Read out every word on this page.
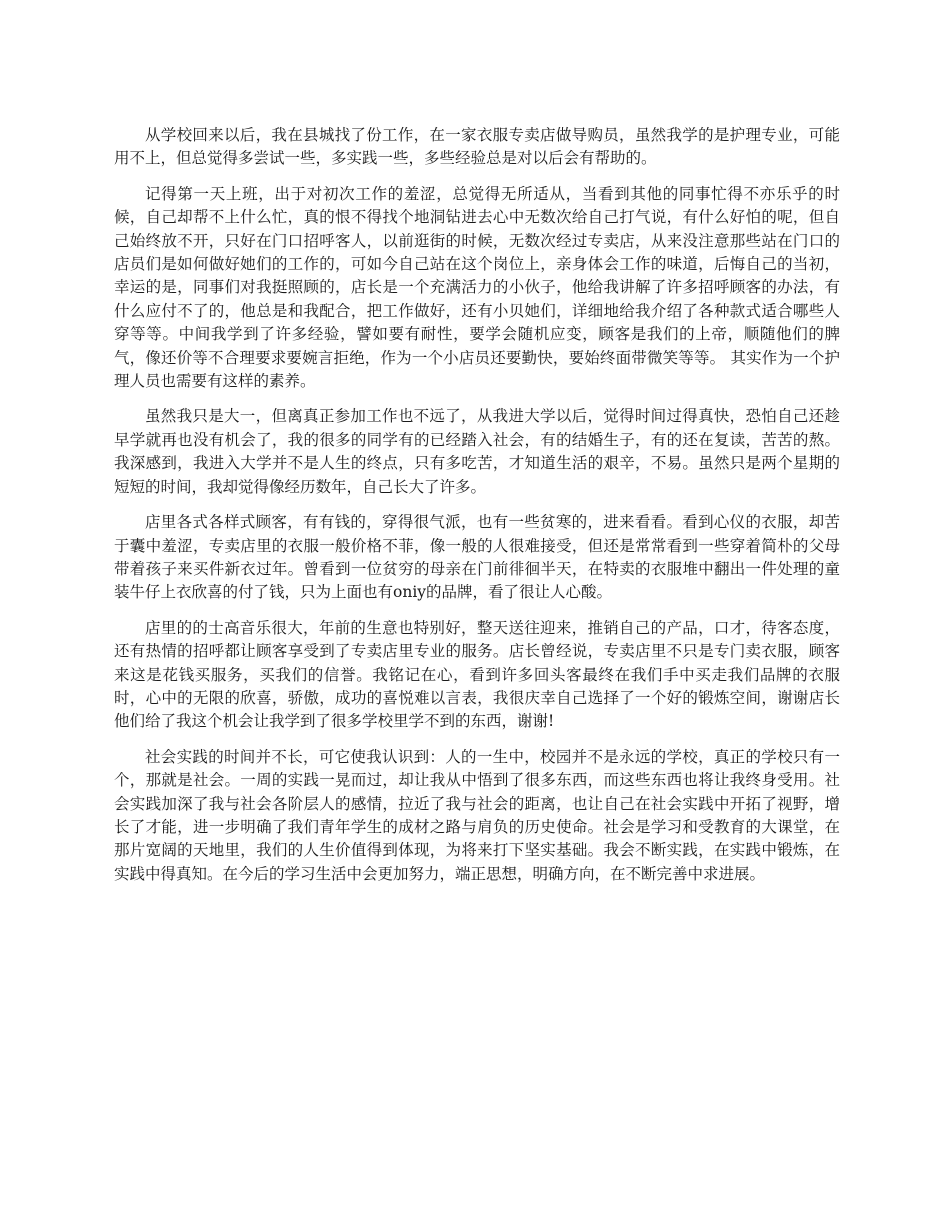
从学校回来以后，我在县城找了份工作，在一家衣服专卖店做导购员，虽然我学的是护理专业，可能用不上，但总觉得多尝试一些，多实践一些，多些经验总是对以后会有帮助的。

记得第一天上班，出于对初次工作的羞涩，总觉得无所适从，当看到其他的同事忙得不亦乐乎的时候，自己却帮不上什么忙，真的恨不得找个地洞钻进去心中无数次给自己打气说，有什么好怕的呢，但自己始终放不开，只好在门口招呼客人，以前逛街的时候，无数次经过专卖店，从来没注意那些站在门口的店员们是如何做好她们的工作的，可如今自己站在这个岗位上，亲身体会工作的味道，后悔自己的当初，幸运的是，同事们对我挺照顾的，店长是一个充满活力的小伙子，他给我讲解了许多招呼顾客的办法，有什么应付不了的，他总是和我配合，把工作做好，还有小贝她们，详细地给我介绍了各种款式适合哪些人穿等等。中间我学到了许多经验，譬如要有耐性，要学会随机应变，顾客是我们的上帝，顺随他们的脾气，像还价等不合理要求要婉言拒绝，作为一个小店员还要勤快，要始终面带微笑等等。 其实作为一个护理人员也需要有这样的素养。

虽然我只是大一，但离真正参加工作也不远了，从我进大学以后，觉得时间过得真快，恐怕自己还趁早学就再也没有机会了，我的很多的同学有的已经踏入社会，有的结婚生子，有的还在复读，苦苦的熬。我深感到，我进入大学并不是人生的终点，只有多吃苦，才知道生活的艰辛，不易。虽然只是两个星期的短短的时间，我却觉得像经历数年，自己长大了许多。

店里各式各样式顾客，有有钱的，穿得很气派，也有一些贫寒的，进来看看。看到心仪的衣服，却苦于囊中羞涩，专卖店里的衣服一般价格不菲，像一般的人很难接受，但还是常常看到一些穿着简朴的父母带着孩子来买件新衣过年。曾看到一位贫穷的母亲在门前徘徊半天，在特卖的衣服堆中翻出一件处理的童装牛仔上衣欣喜的付了钱，只为上面也有oniy的品牌，看了很让人心酸。

店里的的士高音乐很大，年前的生意也特别好，整天送往迎来，推销自己的产品，口才，待客态度，还有热情的招呼都让顾客享受到了专卖店里专业的服务。店长曾经说，专卖店里不只是专门卖衣服，顾客来这是花钱买服务，买我们的信誉。我铭记在心，看到许多回头客最终在我们手中买走我们品牌的衣服时，心中的无限的欣喜，骄傲，成功的喜悦难以言表，我很庆幸自己选择了一个好的锻炼空间，谢谢店长他们给了我这个机会让我学到了很多学校里学不到的东西，谢谢!

社会实践的时间并不长，可它使我认识到：人的一生中，校园并不是永远的学校，真正的学校只有一个，那就是社会。一周的实践一晃而过，却让我从中悟到了很多东西，而这些东西也将让我终身受用。社会实践加深了我与社会各阶层人的感情，拉近了我与社会的距离，也让自己在社会实践中开拓了视野，增长了才能，进一步明确了我们青年学生的成材之路与肩负的历史使命。社会是学习和受教育的大课堂，在那片宽阔的天地里，我们的人生价值得到体现，为将来打下坚实基础。我会不断实践，在实践中锻炼，在实践中得真知。在今后的学习生活中会更加努力，端正思想，明确方向，在不断完善中求进展。
